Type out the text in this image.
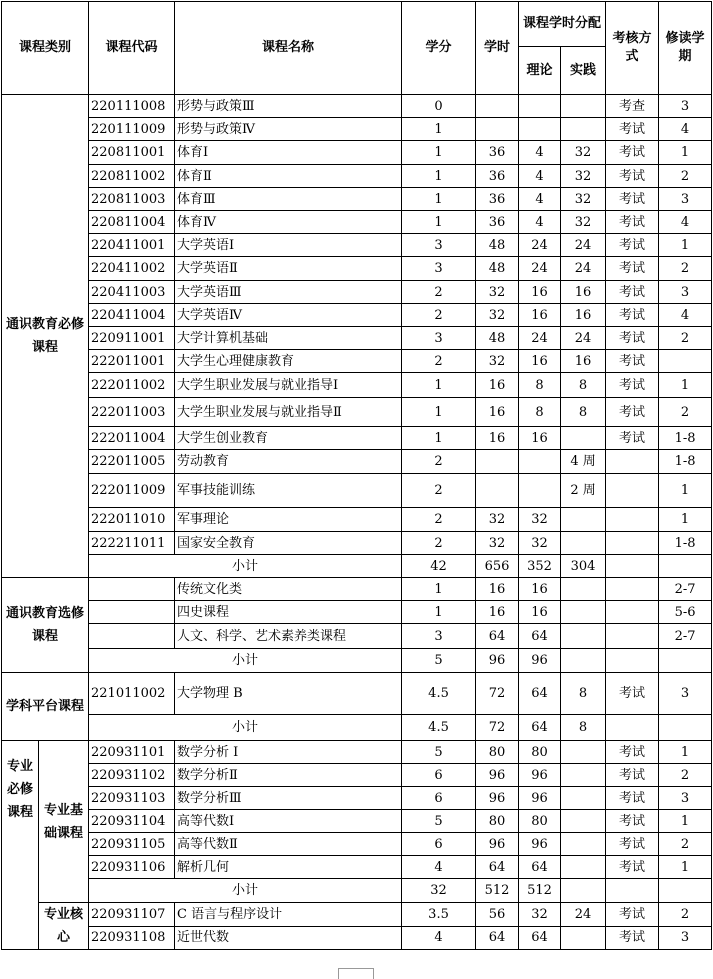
课程类别		课程代码	课程名称	学分	学时	课程学时分配		考核方式	修读学期
						理论	实践		
通识教育必修课程		220111008	形势与政策Ⅲ	0				考查	3
		220111009	形势与政策Ⅳ	1				考试	4
		220811001	体育Ⅰ	1	36	4	32	考试	1
		220811002	体育Ⅱ	1	36	4	32	考试	2
		220811003	体育Ⅲ	1	36	4	32	考试	3
		220811004	体育Ⅳ	1	36	4	32	考试	4
		220411001	大学英语Ⅰ	3	48	24	24	考试	1
		220411002	大学英语Ⅱ	3	48	24	24	考试	2
		220411003	大学英语Ⅲ	2	32	16	16	考试	3
		220411004	大学英语Ⅳ	2	32	16	16	考试	4
		220911001	大学计算机基础	3	48	24	24	考试	2
		222011001	大学生心理健康教育	2	32	16	16	考试	
		222011002	大学生职业发展与就业指导Ⅰ	1	16	8	8	考试	1
		222011003	大学生职业发展与就业指导Ⅱ	1	16	8	8	考试	2
		222011004	大学生创业教育	1	16	16		考试	1-8
		222011005	劳动教育	2			4 周		1-8
		222011009	军事技能训练	2			2 周		1
		222011010	军事理论	2	32	32			1
		222211011	国家安全教育	2	32	32			1-8
		小计		42	656	352	304		
通识教育选修课程			传统文化类	1	16	16			2-7
			四史课程	1	16	16			5-6
			人文、科学、艺术素养类课程	3	64	64			2-7
		小计		5	96	96			
学科平台课程		221011002	大学物理 B	4.5	72	64	8	考试	3
		小计		4.5	72	64	8		
专业必修课程	专业基础课程	220931101	数学分析 Ⅰ	5	80	80		考试	1
		220931102	数学分析Ⅱ	6	96	96		考试	2
		220931103	数学分析Ⅲ	6	96	96		考试	3
		220931104	高等代数Ⅰ	5	80	80		考试	1
		220931105	高等代数Ⅱ	6	96	96		考试	2
		220931106	解析几何	4	64	64		考试	1
		小计		32	512	512			
	专业核心	220931107	C 语言与程序设计	3.5	56	32	24	考试	2
		220931108	近世代数	4	64	64		考试	3
